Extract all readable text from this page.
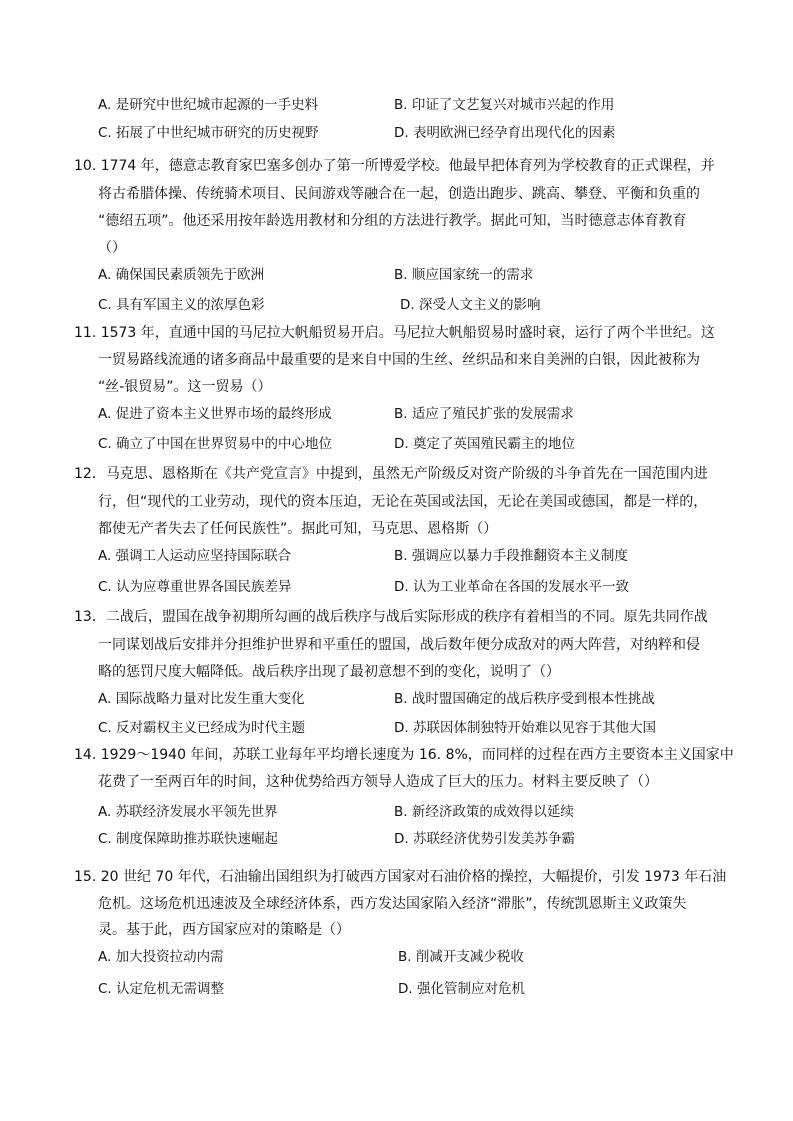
A. 是研究中世纪城市起源的一手史料	B. 印证了文艺复兴对城市兴起的作用
C. 拓展了中世纪城市研究的历史视野	D. 表明欧洲已经孕育出现代化的因素
10. 1774 年，德意志教育家巴塞多创办了第一所博爱学校。他最早把体育列为学校教育的正式课程，并
将古希腊体操、传统骑术项目、民间游戏等融合在一起，创造出跑步、跳高、攀登、平衡和负重的
“德绍五项”。他还采用按年龄选用教材和分组的方法进行教学。据此可知，当时德意志体育教育
（）
A. 确保国民素质领先于欧洲	B. 顺应国家统一的需求
C. 具有军国主义的浓厚色彩	D. 深受人文主义的影响
11. 1573 年，直通中国的马尼拉大帆船贸易开启。马尼拉大帆船贸易时盛时衰，运行了两个半世纪。这
一贸易路线流通的诸多商品中最重要的是来自中国的生丝、丝织品和来自美洲的白银，因此被称为
“丝-银贸易”。这一贸易（）
A. 促进了资本主义世界市场的最终形成	B. 适应了殖民扩张的发展需求
C. 确立了中国在世界贸易中的中心地位	D. 奠定了英国殖民霸主的地位
12．马克思、恩格斯在《共产党宣言》中提到，虽然无产阶级反对资产阶级的斗争首先在一国范围内进
行，但“现代的工业劳动，现代的资本压迫，无论在英国或法国，无论在美国或德国，都是一样的，
都使无产者失去了任何民族性”。据此可知，马克思、恩格斯（）
A. 强调工人运动应坚持国际联合	B. 强调应以暴力手段推翻资本主义制度
C. 认为应尊重世界各国民族差异	D. 认为工业革命在各国的发展水平一致
13．二战后，盟国在战争初期所勾画的战后秩序与战后实际形成的秩序有着相当的不同。原先共同作战
一同谋划战后安排并分担维护世界和平重任的盟国，战后数年便分成敌对的两大阵营，对纳粹和侵
略的惩罚尺度大幅降低。战后秩序出现了最初意想不到的变化，说明了（）
A. 国际战略力量对比发生重大变化	B. 战时盟国确定的战后秩序受到根本性挑战
C. 反对霸权主义已经成为时代主题	D. 苏联因体制独特开始难以见容于其他大国
14. 1929～1940 年间，苏联工业每年平均增长速度为 16. 8%，而同样的过程在西方主要资本主义国家中
花费了一至两百年的时间，这种优势给西方领导人造成了巨大的压力。材料主要反映了（）
A. 苏联经济发展水平领先世界	B. 新经济政策的成效得以延续
C. 制度保障助推苏联快速崛起	D. 苏联经济优势引发美苏争霸
15. 20 世纪 70 年代，石油输出国组织为打破西方国家对石油价格的操控，大幅提价，引发 1973 年石油
危机。这场危机迅速波及全球经济体系，西方发达国家陷入经济“滞胀”，传统凯恩斯主义政策失
灵。基于此，西方国家应对的策略是（）
A. 加大投资拉动内需	B. 削减开支减少税收
C. 认定危机无需调整	D. 强化管制应对危机
